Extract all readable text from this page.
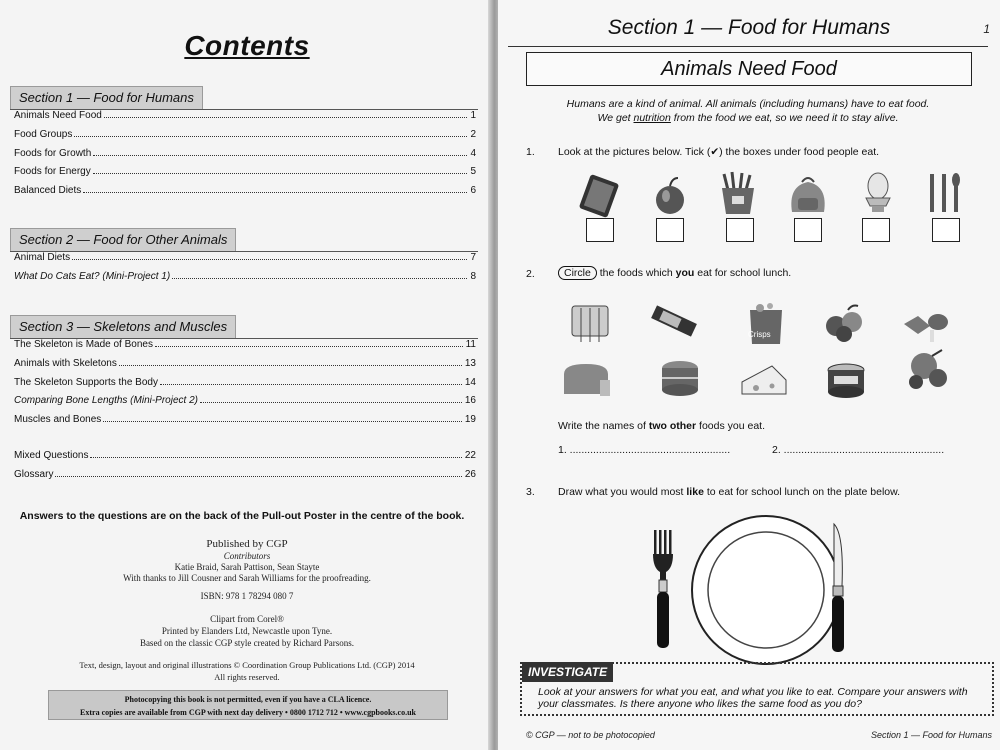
Contents
Section 1 — Food for Humans
Animals Need Food	1
Food Groups	2
Foods for Growth	4
Foods for Energy	5
Balanced Diets	6
Section 2 — Food for Other Animals
Animal Diets	7
What Do Cats Eat? (Mini-Project 1)	8
Section 3 — Skeletons and Muscles
The Skeleton is Made of Bones	11
Animals with Skeletons	13
The Skeleton Supports the Body	14
Comparing Bone Lengths (Mini-Project 2)	16
Muscles and Bones	19
Mixed Questions	22
Glossary	26
Answers to the questions are on the back of the Pull-out Poster in the centre of the book.
Published by CGP
Contributors
Katie Braid, Sarah Pattison, Sean Stayte
With thanks to Jill Cousner and Sarah Williams for the proofreading.
ISBN: 978 1 78294 080 7
Clipart from Corel®
Printed by Elanders Ltd, Newcastle upon Tyne.
Based on the classic CGP style created by Richard Parsons.
Text, design, layout and original illustrations © Coordination Group Publications Ltd. (CGP) 2014
All rights reserved.
Photocopying this book is not permitted, even if you have a CLA licence.
Extra copies are available from CGP with next day delivery • 0800 1712 712 • www.cgpbooks.co.uk
Section 1 — Food for Humans	1
Animals Need Food
Humans are a kind of animal. All animals (including humans) have to eat food.
We get nutrition from the food we eat, so we need it to stay alive.
1. Look at the pictures below. Tick (✔) the boxes under food people eat.
2.	Circle the foods which you eat for school lunch.
Crisps
Write the names of two other foods you eat.
1. .......................................................	2. .......................................................
3. Draw what you would most like to eat for school lunch on the plate below.
INVESTIGATE
Look at your answers for what you eat, and what you like to eat. Compare your answers with your classmates. Is there anyone who likes the same food as you do?
© CGP — not to be photocopied	Section 1 — Food for Humans
